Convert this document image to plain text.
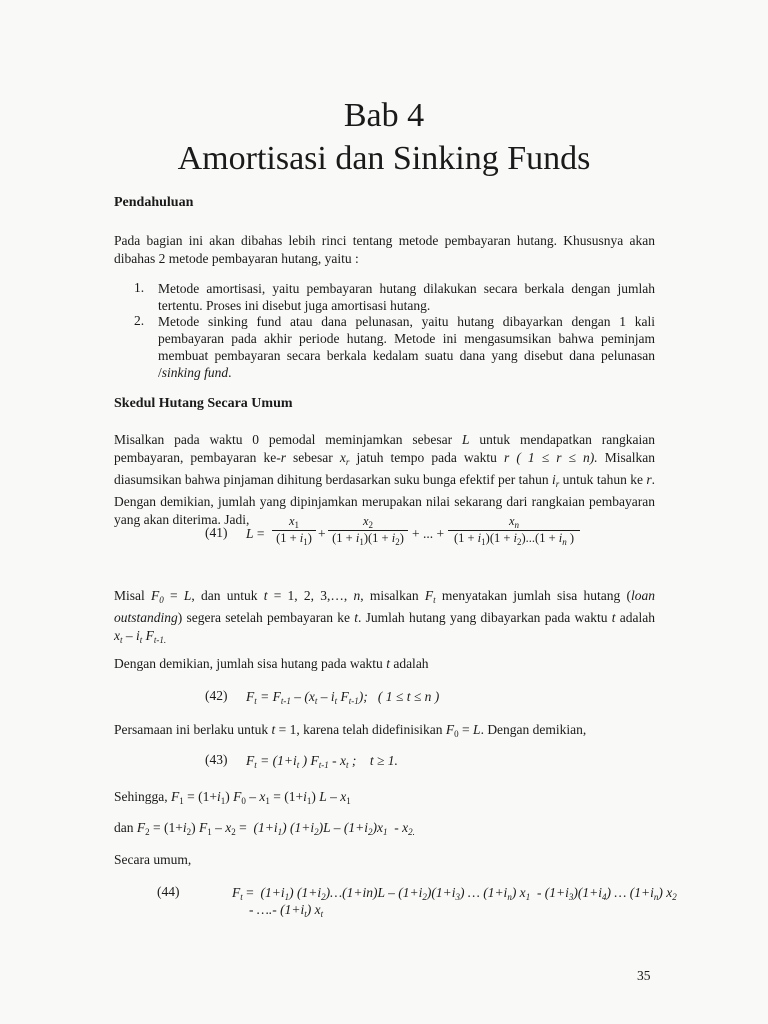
Bab 4
Amortisasi dan Sinking Funds
Pendahuluan
Pada bagian ini akan dibahas lebih rinci tentang metode pembayaran hutang. Khususnya akan dibahas 2 metode pembayaran hutang, yaitu :
1. Metode amortisasi, yaitu pembayaran hutang dilakukan secara berkala dengan jumlah tertentu. Proses ini disebut juga amortisasi hutang.
2. Metode sinking fund atau dana pelunasan, yaitu hutang dibayarkan dengan 1 kali pembayaran pada akhir periode hutang. Metode ini mengasumsikan bahwa peminjam membuat pembayaran secara berkala kedalam suatu dana yang disebut dana pelunasan /sinking fund.
Skedul Hutang Secara Umum
Misalkan pada waktu 0 pemodal meminjamkan sebesar L untuk mendapatkan rangkaian pembayaran, pembayaran ke-r sebesar $x_r$ jatuh tempo pada waktu r ( 1 ≤ r ≤ n). Misalkan diasumsikan bahwa pinjaman dihitung berdasarkan suku bunga efektif per tahun $i_r$ untuk tahun ke r. Dengan demikian, jumlah yang dipinjamkan merupakan nilai sekarang dari rangkaian pembayaran yang akan diterima. Jadi,
(41) L =
$x_1$
$(1 + i_1)$ +
$x_2$
$(1 + i_1)(1 + i_2)$ + ... +
$x_n$
$(1 + i_1)(1 + i_2)...(1 + i_n$ )
Misal $F_0 = L$, dan untuk t = 1, 2, 3,…, n, misalkan $F_t$ menyatakan jumlah sisa hutang (loan outstanding) segera setelah pembayaran ke t. Jumlah hutang yang dibayarkan pada waktu t adalah $x_t - i_t$ $F_{t-1.}$
Dengan demikian, jumlah sisa hutang pada waktu t adalah
(42) $F_t = F_{t-1} - (x_t - i_t$ $F_{t-1}$);   ( 1 ≤ t ≤ n )
Persamaan ini berlaku untuk t = 1, karena telah didefinisikan $F_0 = L$. Dengan demikian,
(43) $F_t = (1+i_t$ ) $F_{t-1} - x_t$ ;    t ≥ 1.
Sehingga, $F_1 = (1+i_1)$ $F_0 - x_1 = (1+i_1)$ L – $x_1$
dan $F_2 = (1+i_2)$ $F_1 - x_2 = (1+i_1)$ $(1+i_2)L - (1+i_2)x_1 - x_{2.}$
Secara umum,
(44)	$F_t = (1+i_1)$ $(1+i_2)\dots(1+in)L - (1+i_2)(1+i_3)$ … $(1+i_n)$ $x_1 - (1+i_3)(1+i_4)$ … $(1+i_n)$ $x_2$
- ….- $(1+i_t)$ $x_t$
35
